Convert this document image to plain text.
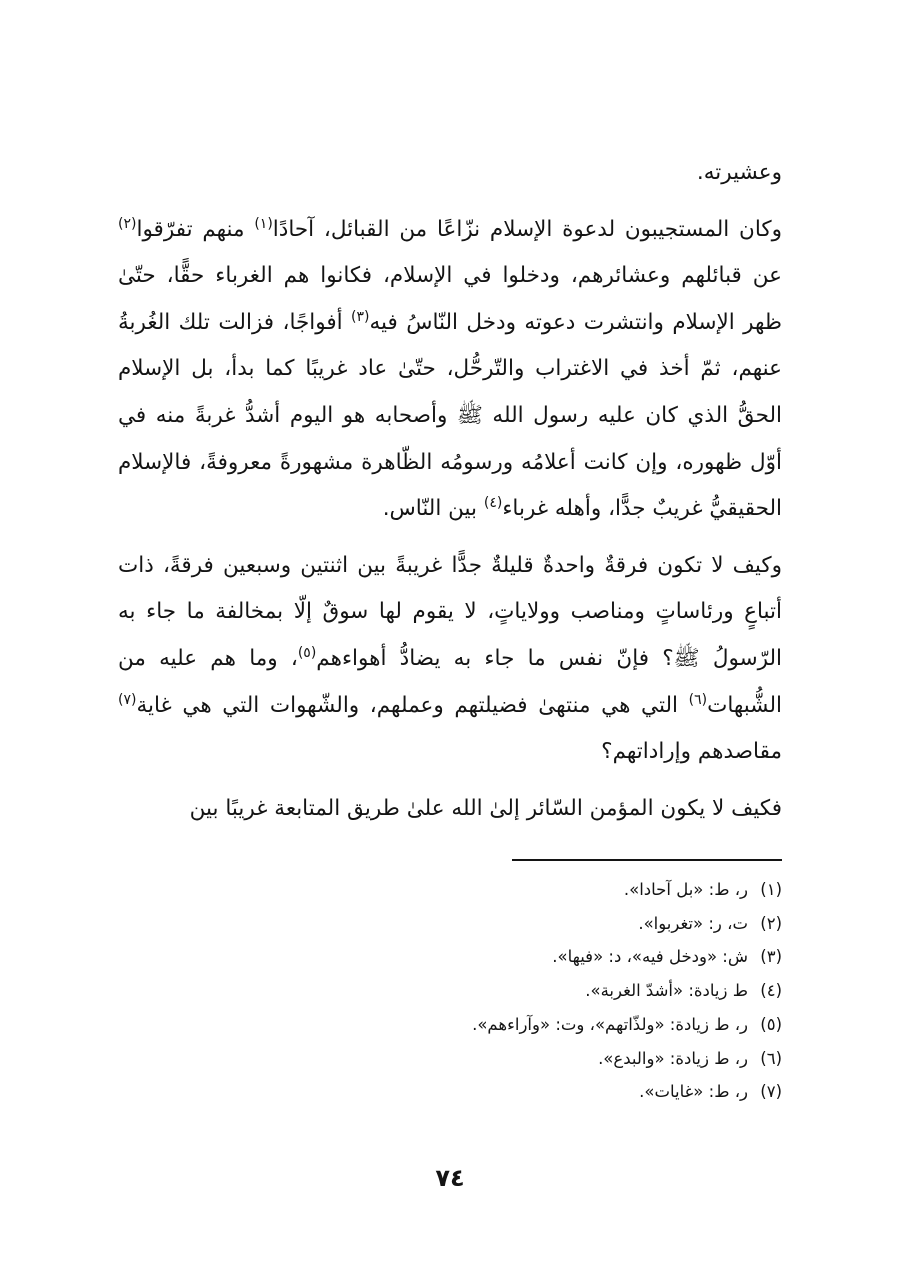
وعشيرته.

وكان المستجيبون لدعوة الإسلام نزّاعًا من القبائل، آحادًا$^{(١)}$ منهم تفرّقوا$^{(٢)}$ عن قبائلهم وعشائرهم، ودخلوا في الإسلام، فكانوا هم الغرباء حقًّا، حتّىٰ ظهر الإسلام وانتشرت دعوته ودخل النّاسُ فيه$^{(٣)}$ أفواجًا، فزالت تلك الغُربةُ عنهم، ثمّ أخذ في الاغتراب والتّرحُّل، حتّىٰ عاد غريبًا كما بدأ، بل الإسلام الحقُّ الذي كان عليه رسول الله ﷺ وأصحابه هو اليوم أشدُّ غربةً منه في أوّل ظهوره، وإن كانت أعلامُه ورسومُه الظّاهرة مشهورةً معروفةً، فالإسلام الحقيقيُّ غريبٌ جدًّا، وأهله غرباء$^{(٤)}$ بين النّاس.

وكيف لا تكون فرقةٌ واحدةٌ قليلةٌ جدًّا غريبةً بين اثنتين وسبعين فرقةً، ذات أتباعٍ ورئاساتٍ ومناصب وولاياتٍ، لا يقوم لها سوقٌ إلّا بمخالفة ما جاء به الرّسولُ ﷺ؟ فإنّ نفس ما جاء به يضادُّ أهواءهم$^{(٥)}$، وما هم عليه من الشُّبهات$^{(٦)}$ التي هي منتهىٰ فضيلتهم وعملهم، والشّهوات التي هي غاية$^{(٧)}$ مقاصدهم وإراداتهم؟

فكيف لا يكون المؤمن السّائر إلىٰ الله علىٰ طريق المتابعة غريبًا بين

(١)ر، ط: «بل آحادا».
(٢)ت، ر: «تغربوا».
(٣)ش: «ودخل فيه»، د: «فيها».
(٤)ط زيادة: «أشدّ الغربة».
(٥)ر، ط زيادة: «ولذّاتهم»، وت: «وآراءهم».
(٦)ر، ط زيادة: «والبدع».
(٧)ر، ط: «غايات».
٧٤
